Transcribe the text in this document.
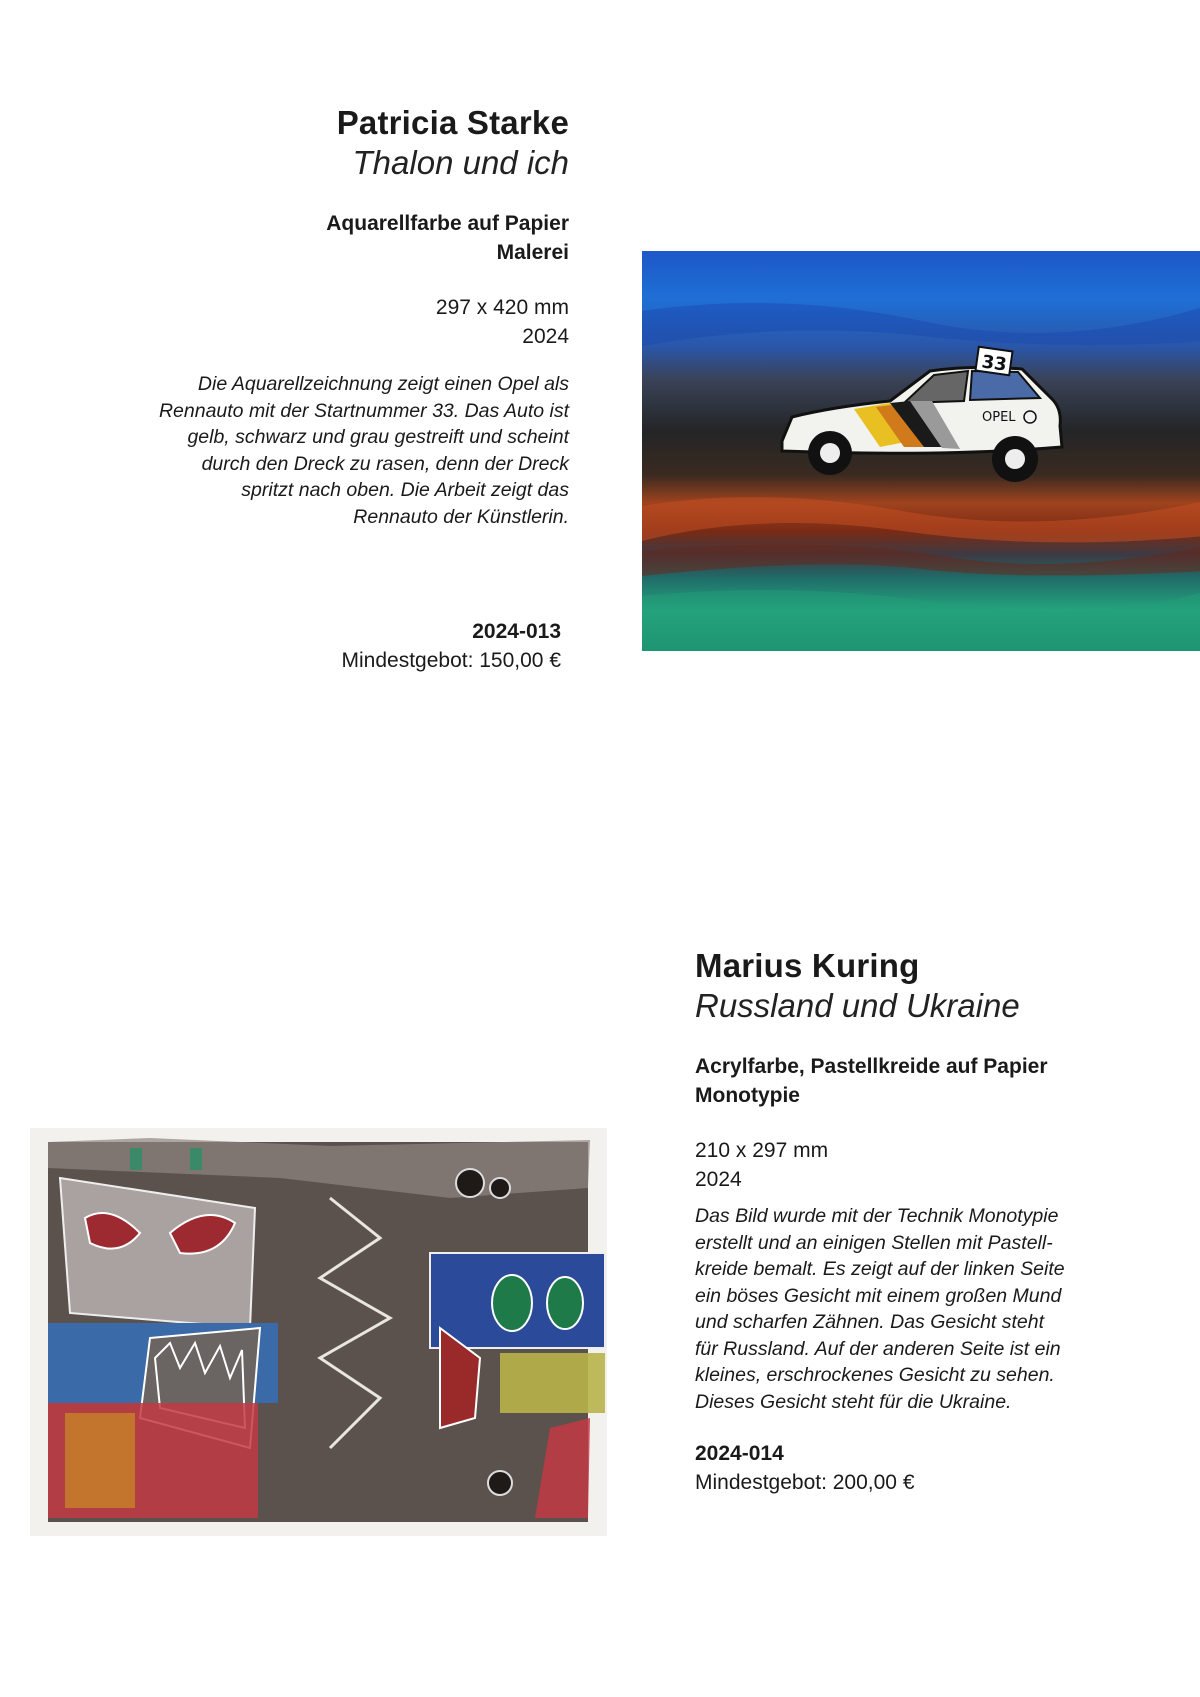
Patricia Starke
Thalon und ich
Aquarellfarbe auf Papier
Malerei
297 x 420 mm
2024
Die Aquarellzeichnung zeigt einen Opel als
Rennauto mit der Startnummer 33. Das Auto ist
gelb, schwarz und grau gestreift und scheint
durch den Dreck zu rasen, denn der Dreck
spritzt nach oben. Die Arbeit zeigt das
Rennauto der Künstlerin.
2024-013
Mindestgebot: 150,00 €
33
OPEL
Marius Kuring
Russland und Ukraine
Acrylfarbe, Pastellkreide auf Papier
Monotypie
210 x 297 mm
2024
Das Bild wurde mit der Technik Monotypie
erstellt und an einigen Stellen mit Pastell-
kreide bemalt. Es zeigt auf der linken Seite
ein böses Gesicht mit einem großen Mund
und scharfen Zähnen. Das Gesicht steht
für Russland. Auf der anderen Seite ist ein
kleines, erschrockenes Gesicht zu sehen.
Dieses Gesicht steht für die Ukraine.
2024-014
Mindestgebot: 200,00 €
